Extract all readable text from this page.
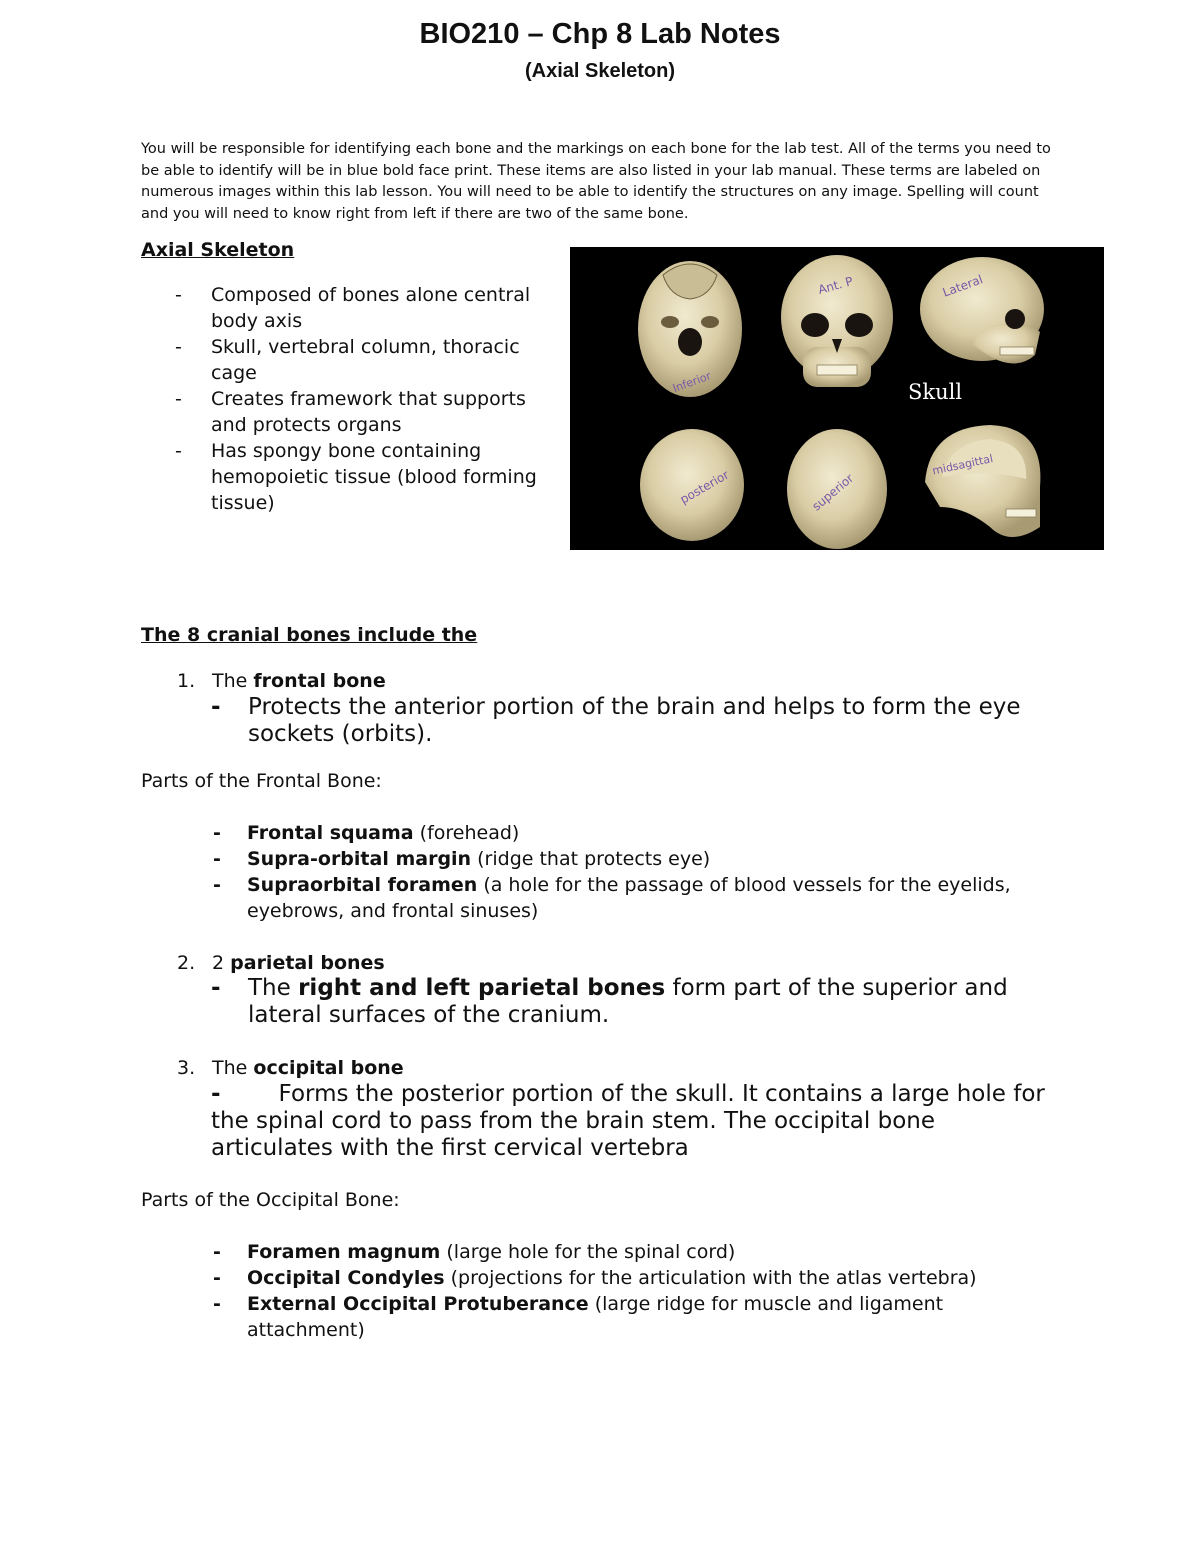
BIO210 – Chp 8 Lab Notes
(Axial Skeleton)
You will be responsible for identifying each bone and the markings on each bone for the lab test. All of the terms you need to be able to identify will be in blue bold face print. These items are also listed in your lab manual. These terms are labeled on numerous images within this lab lesson. You will need to be able to identify the structures on any image. Spelling will count and you will need to know right from left if there are two of the same bone.
Axial Skeleton
- Composed of bones alone central body axis
- Skull, vertebral column, thoracic cage
- Creates framework that supports and protects organs
- Has spongy bone containing hemopoietic tissue (blood forming tissue)
Inferior
Ant. P	Lateral
Skull
posterior	superior
midsagittal
The 8 cranial bones include the
1. The frontal bone
-	Protects the anterior portion of the brain and helps to form the eye sockets (orbits).
Parts of the Frontal Bone:
- Frontal squama (forehead)
- Supra-orbital margin (ridge that protects eye)
- Supraorbital foramen (a hole for the passage of blood vessels for the eyelids, eyebrows, and frontal sinuses)
2. 2 parietal bones
-	The right and left parietal bones form part of the superior and lateral surfaces of the cranium.
3. The occipital bone
-	Forms the posterior portion of the skull. It contains a large hole for the spinal cord to pass from the brain stem. The occipital bone articulates with the first cervical vertebra
Parts of the Occipital Bone:
- Foramen magnum (large hole for the spinal cord)
- Occipital Condyles (projections for the articulation with the atlas vertebra)
- External Occipital Protuberance (large ridge for muscle and ligament attachment)
